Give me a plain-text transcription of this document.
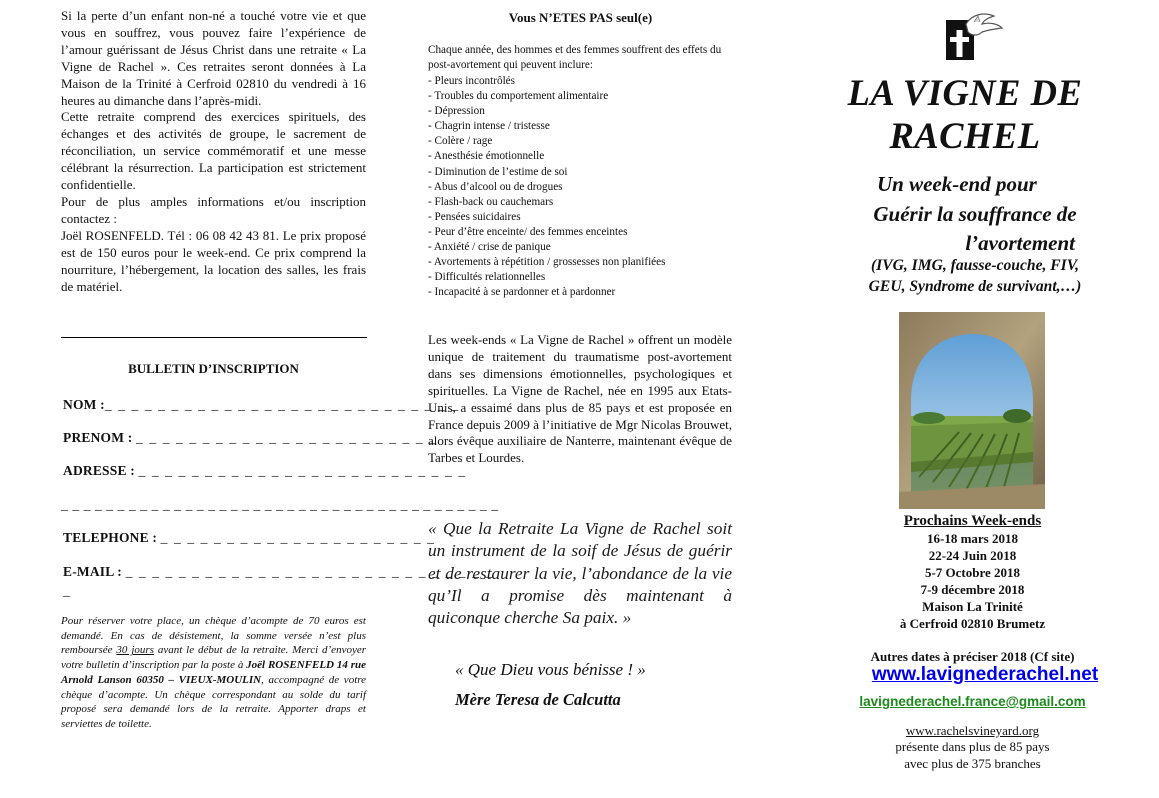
Si la perte d’un enfant non-né a touché votre vie et que vous en souffrez, vous pouvez faire l’expérience de l’amour guérissant de Jésus Christ dans une retraite « La Vigne de Rachel ». Ces retraites seront données à La Maison de la Trinité à Cerfroid 02810 du vendredi à 16 heures au dimanche dans l’après-midi.

Cette retraite comprend des exercices spirituels, des échanges et des activités de groupe, le sacrement de réconciliation, un service commémoratif et une messe célébrant la résurrection. La participation est strictement confidentielle.

Pour de plus amples informations et/ou inscription contactez :

Joël ROSENFELD. Tél : 06 08 42 43 81. Le prix proposé est de 150 euros pour le week-end. Ce prix comprend la nourriture, l’hébergement, la location des salles, les frais de matériel.

BULLETIN D’INSCRIPTION
NOM :_ _ _ _ _ _ _ _ _ _ _ _ _ _ _ _ _ _ _ _ _ _ _ _ _ _ _
PRENOM : _ _ _ _ _ _ _ _ _ _ _ _ _ _ _ _ _ _ _ _ _ _ _
ADRESSE : _ _ _ _ _ _ _ _ _ _ _ _ _ _ _ _ _ _ _ _ _ _ _ _ _
_ _ _ _ _ _ _ _ _ _ _ _ _ _ _ _ _ _ _ _ _ _ _ _ _ _ _ _ _ _ _ _ _ _ _ _ _ _ _
TELEPHONE : _ _ _ _ _ _ _ _ _ _ _ _ _ _ _ _ _ _ _ _ _
E-MAIL : _ _ _ _ _ _ _ _ _ _ _ _ _ _ _ _ _ _ _ _ _ _ _ _ _ _ _ _
_
Pour réserver votre place, un chèque d’acompte de 70 euros est demandé. En cas de désistement, la somme versée n’est plus remboursée 30 jours avant le début de la retraite. Merci d’envoyer votre bulletin d’inscription par la poste à Joël ROSENFELD 14 rue Arnold Lanson 60350 – VIEUX-MOULIN, accompagné de votre chèque d’acompte. Un chèque correspondant au solde du tarif proposé sera demandé lors de la retraite. Apporter draps et serviettes de toilette.
Vous N’ETES PAS seul(e)
Chaque année, des hommes et des femmes souffrent des effets du post-avortement qui peuvent inclure:
- Pleurs incontrôlés
- Troubles du comportement alimentaire
- Dépression
- Chagrin intense / tristesse
- Colère / rage
- Anesthésie émotionnelle
- Diminution de l’estime de soi
- Abus d’alcool ou de drogues
- Flash-back ou cauchemars
- Pensées suicidaires
- Peur d’être enceinte/ des femmes enceintes
- Anxiété / crise de panique
- Avortements à répétition / grossesses non planifiées
- Difficultés relationnelles
- Incapacité à se pardonner et à pardonner
Les week-ends « La Vigne de Rachel » offrent un modèle unique de traitement du traumatisme post-avortement dans ses dimensions émotionnelles, psychologiques et spirituelles. La Vigne de Rachel, née en 1995 aux Etats-Unis, a essaimé dans plus de 85 pays et est proposée en France depuis 2009 à l’initiative de Mgr Nicolas Brouwet, alors évêque auxiliaire de Nanterre, maintenant évêque de Tarbes et Lourdes.
« Que la Retraite La Vigne de Rachel soit un instrument de la soif de Jésus de guérir et de restaurer la vie, l’abondance de la vie qu’Il a promise dès maintenant à quiconque cherche Sa paix. »
« Que Dieu vous bénisse ! »
Mère Teresa de Calcutta
LA VIGNE DE
RACHEL
Un week-end pour
Guérir la souffrance de
l’avortement
(IVG, IMG, fausse-couche, FIV,
GEU, Syndrome de survivant,…)
Prochains Week-ends
16-18 mars 2018
22-24 Juin 2018
5-7 Octobre 2018
7-9 décembre 2018
Maison La Trinité
à Cerfroid 02810 Brumetz
Autres dates à préciser 2018 (Cf site)
www.lavignederachel.net
lavignederachel.france@gmail.com
www.rachelsvineyard.org
présente dans plus de 85 pays
avec plus de 375 branches
